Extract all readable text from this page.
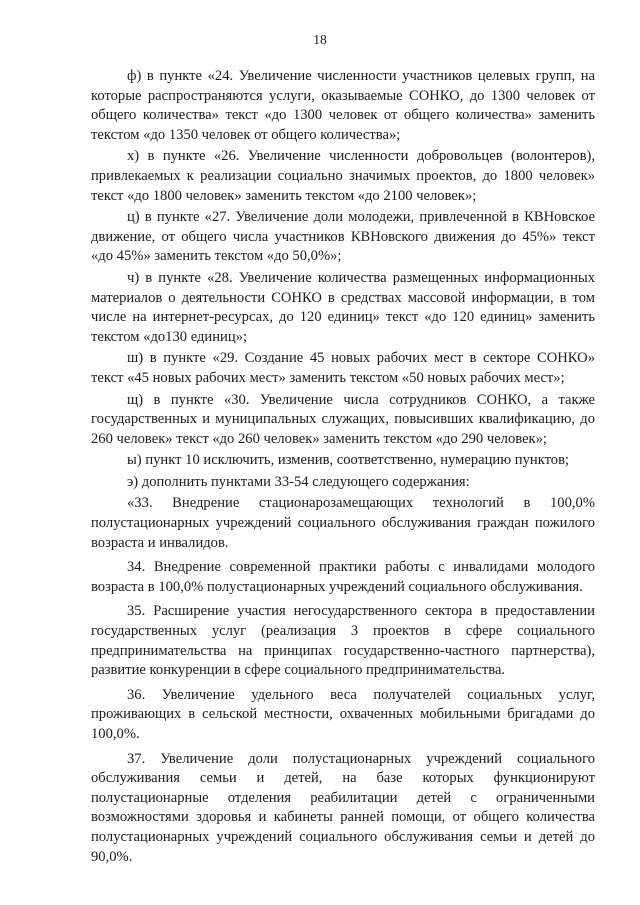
18

ф) в пункте «24. Увеличение численности участников целевых групп, на которые распространяются услуги, оказываемые СОНКО, до 1300 человек от общего количества» текст «до 1300 человек от общего количества» заменить текстом «до 1350 человек от общего количества»;

х) в пункте «26. Увеличение численности добровольцев (волонтеров), привлекаемых к реализации социально значимых проектов, до 1800 человек» текст «до 1800 человек» заменить текстом «до 2100 человек»;

ц) в пункте «27. Увеличение доли молодежи, привлеченной в КВНовское движение, от общего числа участников КВНовского движения до 45%» текст «до 45%» заменить текстом «до 50,0%»;

ч) в пункте «28. Увеличение количества размещенных информационных материалов о деятельности СОНКО в средствах массовой информации, в том числе на интернет-ресурсах, до 120 единиц» текст «до 120 единиц» заменить текстом «до130 единиц»;

ш) в пункте «29. Создание 45 новых рабочих мест в секторе СОНКО» текст «45 новых рабочих мест» заменить текстом «50 новых рабочих мест»;

щ) в пункте «30. Увеличение числа сотрудников СОНКО, а также государственных и муниципальных служащих, повысивших квалификацию, до 260 человек» текст «до 260 человек» заменить текстом «до 290 человек»;

ы) пункт 10 исключить, изменив, соответственно, нумерацию пунктов;

э) дополнить пунктами 33-54 следующего содержания:

«33. Внедрение стационарозамещающих технологий в 100,0% полустационарных учреждений социального обслуживания граждан пожилого возраста и инвалидов.

34. Внедрение современной практики работы с инвалидами молодого возраста в 100,0% полустационарных учреждений социального обслуживания.

35. Расширение участия негосударственного сектора в предоставлении государственных услуг (реализация 3 проектов в сфере социального предпринимательства на принципах государственно-частного партнерства), развитие конкуренции в сфере социального предпринимательства.

36. Увеличение удельного веса получателей социальных услуг, проживающих в сельской местности, охваченных мобильными бригадами до 100,0%.

37. Увеличение доли полустационарных учреждений социального обслуживания семьи и детей, на базе которых функционируют полустационарные отделения реабилитации детей с ограниченными возможностями здоровья и кабинеты ранней помощи, от общего количества полустационарных учреждений социального обслуживания семьи и детей до 90,0%.
